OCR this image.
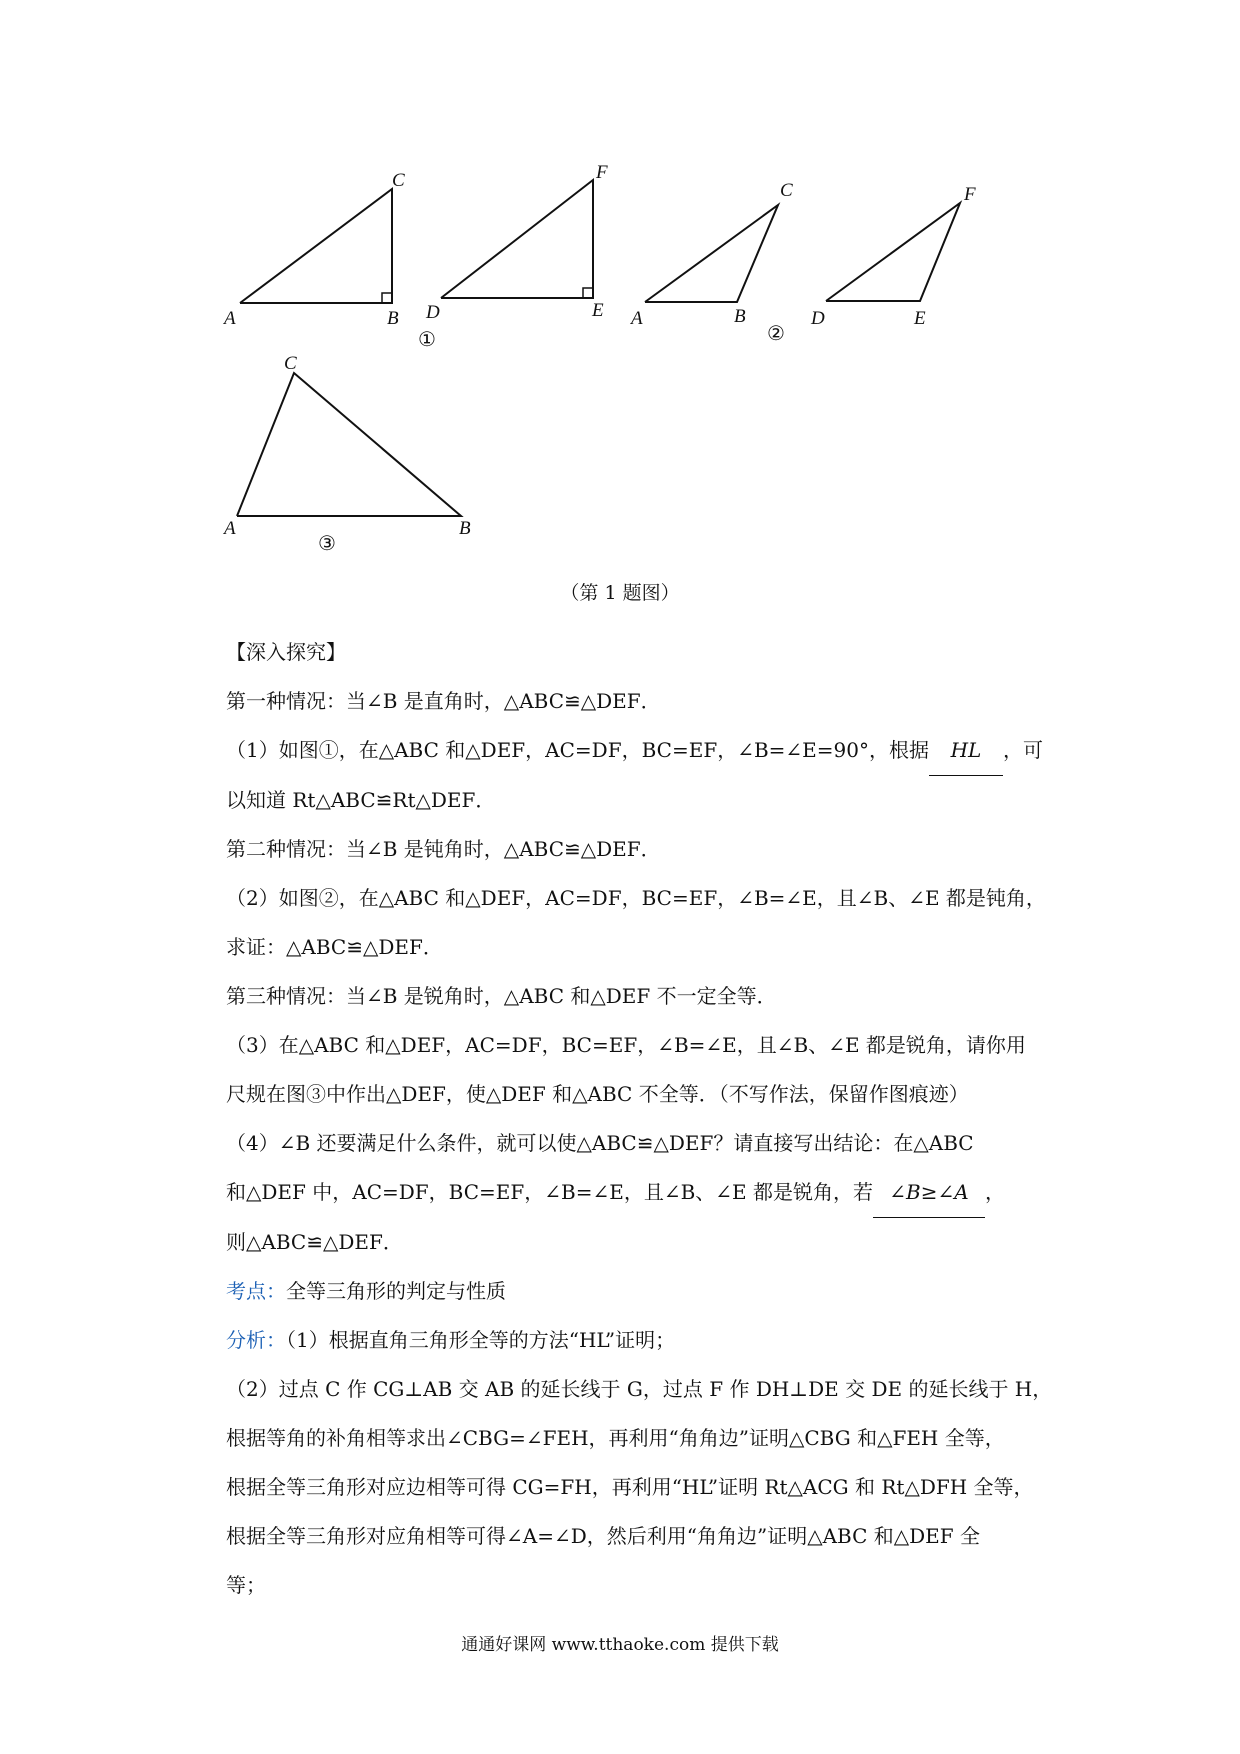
A	B
C
D	E
F
①
A	B
C
D	E
F
②
A	B
C
③
（第 1 题图）
【深入探究】
第一种情况：当∠B 是直角时，△ABC≌△DEF．
（1）如图①，在△ABC 和△DEF，AC=DF，BC=EF，∠B=∠E=90°，根据 HL ，可
以知道 Rt△ABC≌Rt△DEF．
第二种情况：当∠B 是钝角时，△ABC≌△DEF．
（2）如图②，在△ABC 和△DEF，AC=DF，BC=EF，∠B=∠E，且∠B、∠E 都是钝角，
求证：△ABC≌△DEF．
第三种情况：当∠B 是锐角时，△ABC 和△DEF 不一定全等．
（3）在△ABC 和△DEF，AC=DF，BC=EF，∠B=∠E，且∠B、∠E 都是锐角，请你用
尺规在图③中作出△DEF，使△DEF 和△ABC 不全等．（不写作法，保留作图痕迹）
（4）∠B 还要满足什么条件，就可以使△ABC≌△DEF？请直接写出结论：在△ABC
和△DEF 中，AC=DF，BC=EF，∠B=∠E，且∠B、∠E 都是锐角，若 ∠B≥∠A ，
则△ABC≌△DEF．
考点：全等三角形的判定与性质
分析：（1）根据直角三角形全等的方法“HL”证明；
（2）过点 C 作 CG⊥AB 交 AB 的延长线于 G，过点 F 作 DH⊥DE 交 DE 的延长线于 H，
根据等角的补角相等求出∠CBG=∠FEH，再利用“角角边”证明△CBG 和△FEH 全等，
根据全等三角形对应边相等可得 CG=FH，再利用“HL”证明 Rt△ACG 和 Rt△DFH 全等，
根据全等三角形对应角相等可得∠A=∠D，然后利用“角角边”证明△ABC 和△DEF 全
等；
通通好课网 www.tthaoke.com 提供下载
